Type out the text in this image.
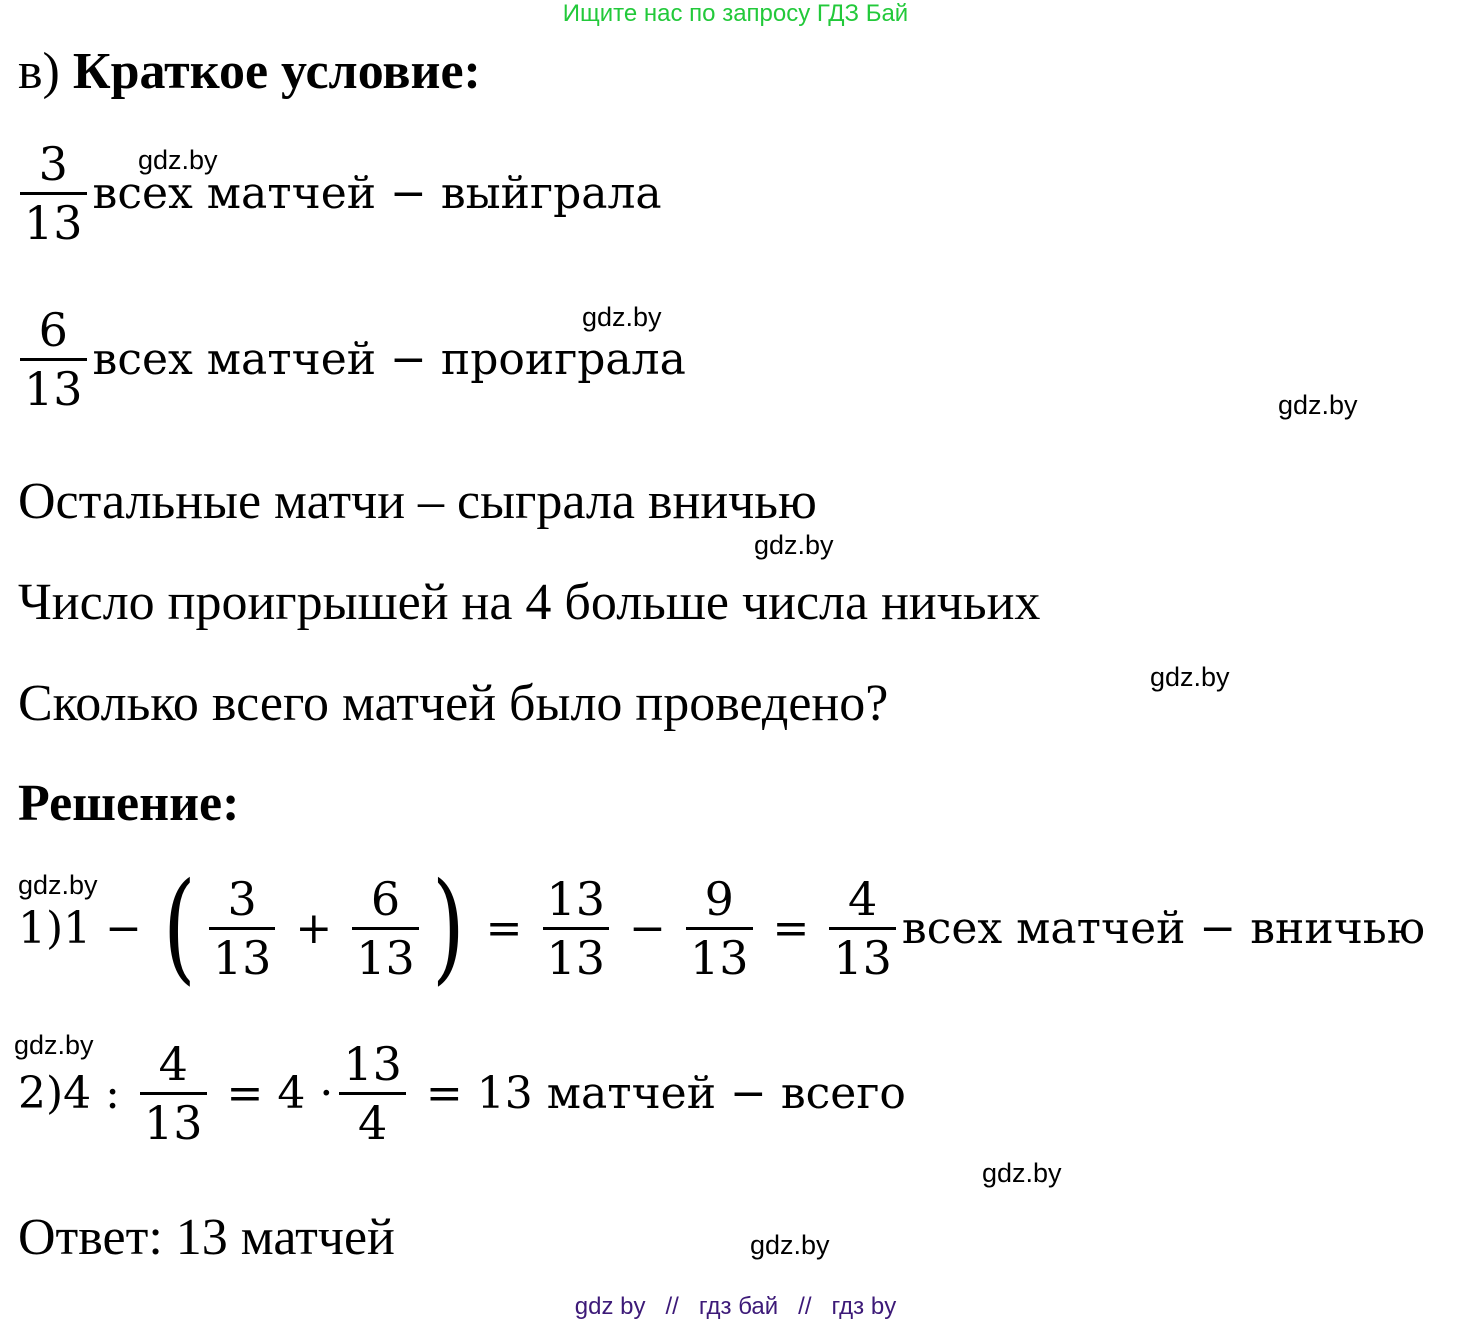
Ищите нас по запросу ГДЗ Бай
в) Краткое условие:
$\frac{3}{13}$ всех матчей − выйграла
$\frac{6}{13}$ всех матчей − проиграла
Остальные матчи – сыграла вничью
Число проигрышей на 4 больше числа ничьих
Сколько всего матчей было проведено?
Решение:
1)1 − ( $\frac{3}{13} + \frac{6}{13}$ ) = $\frac{13}{13} - \frac{9}{13} = \frac{4}{13}$ всех матчей − вничью
2)4 : $\frac{4}{13} = 4 \cdot \frac{13}{4} = 13$ матчей − всего
Ответ: 13 матчей
gdz.by
gdz.by
gdz.by
gdz.by
gdz.by
gdz.by
gdz.by
gdz.by
gdz.by
gdz by // гдз бай // гдз by
